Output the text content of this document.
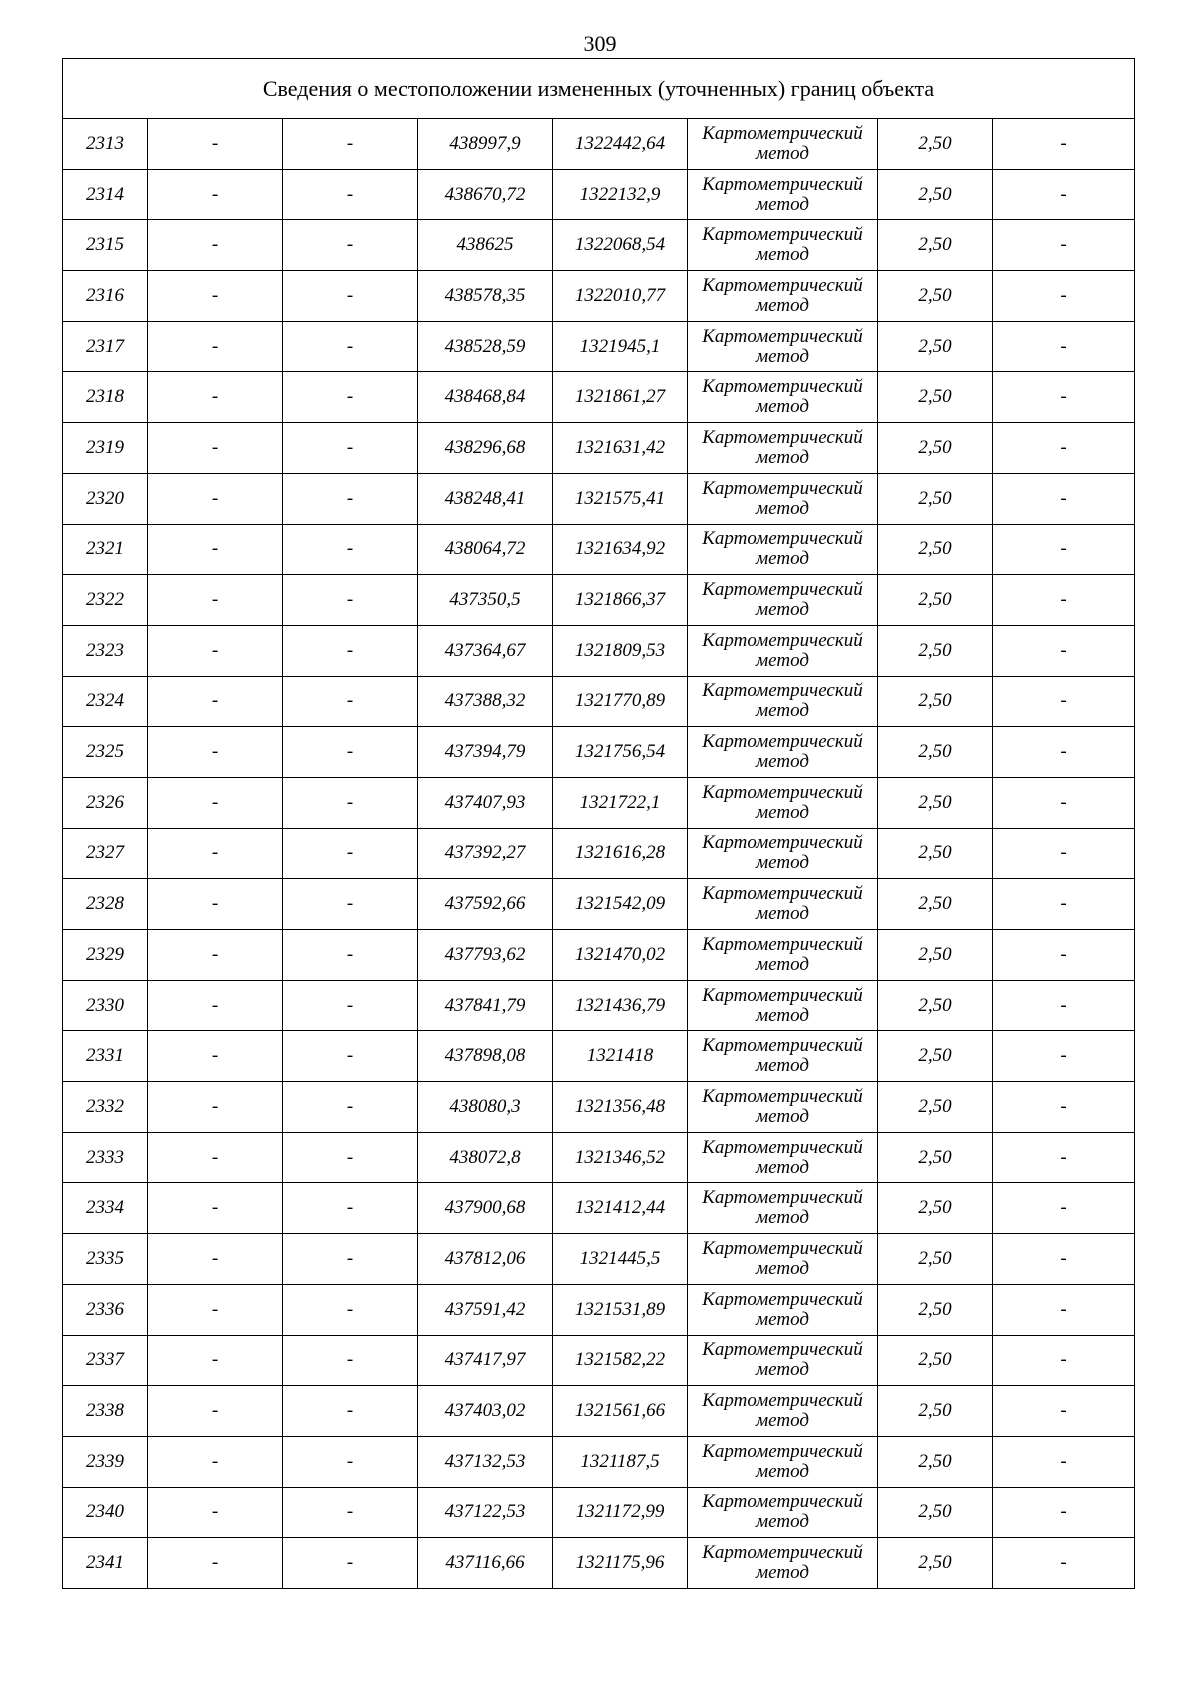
309
Сведения о местоположении измененных (уточненных) границ объекта							
2313	-	-	438997,9	1322442,64	Картометрический метод	2,50	-
2314	-	-	438670,72	1322132,9	Картометрический метод	2,50	-
2315	-	-	438625	1322068,54	Картометрический метод	2,50	-
2316	-	-	438578,35	1322010,77	Картометрический метод	2,50	-
2317	-	-	438528,59	1321945,1	Картометрический метод	2,50	-
2318	-	-	438468,84	1321861,27	Картометрический метод	2,50	-
2319	-	-	438296,68	1321631,42	Картометрический метод	2,50	-
2320	-	-	438248,41	1321575,41	Картометрический метод	2,50	-
2321	-	-	438064,72	1321634,92	Картометрический метод	2,50	-
2322	-	-	437350,5	1321866,37	Картометрический метод	2,50	-
2323	-	-	437364,67	1321809,53	Картометрический метод	2,50	-
2324	-	-	437388,32	1321770,89	Картометрический метод	2,50	-
2325	-	-	437394,79	1321756,54	Картометрический метод	2,50	-
2326	-	-	437407,93	1321722,1	Картометрический метод	2,50	-
2327	-	-	437392,27	1321616,28	Картометрический метод	2,50	-
2328	-	-	437592,66	1321542,09	Картометрический метод	2,50	-
2329	-	-	437793,62	1321470,02	Картометрический метод	2,50	-
2330	-	-	437841,79	1321436,79	Картометрический метод	2,50	-
2331	-	-	437898,08	1321418	Картометрический метод	2,50	-
2332	-	-	438080,3	1321356,48	Картометрический метод	2,50	-
2333	-	-	438072,8	1321346,52	Картометрический метод	2,50	-
2334	-	-	437900,68	1321412,44	Картометрический метод	2,50	-
2335	-	-	437812,06	1321445,5	Картометрический метод	2,50	-
2336	-	-	437591,42	1321531,89	Картометрический метод	2,50	-
2337	-	-	437417,97	1321582,22	Картометрический метод	2,50	-
2338	-	-	437403,02	1321561,66	Картометрический метод	2,50	-
2339	-	-	437132,53	1321187,5	Картометрический метод	2,50	-
2340	-	-	437122,53	1321172,99	Картометрический метод	2,50	-
2341	-	-	437116,66	1321175,96	Картометрический метод	2,50	-
